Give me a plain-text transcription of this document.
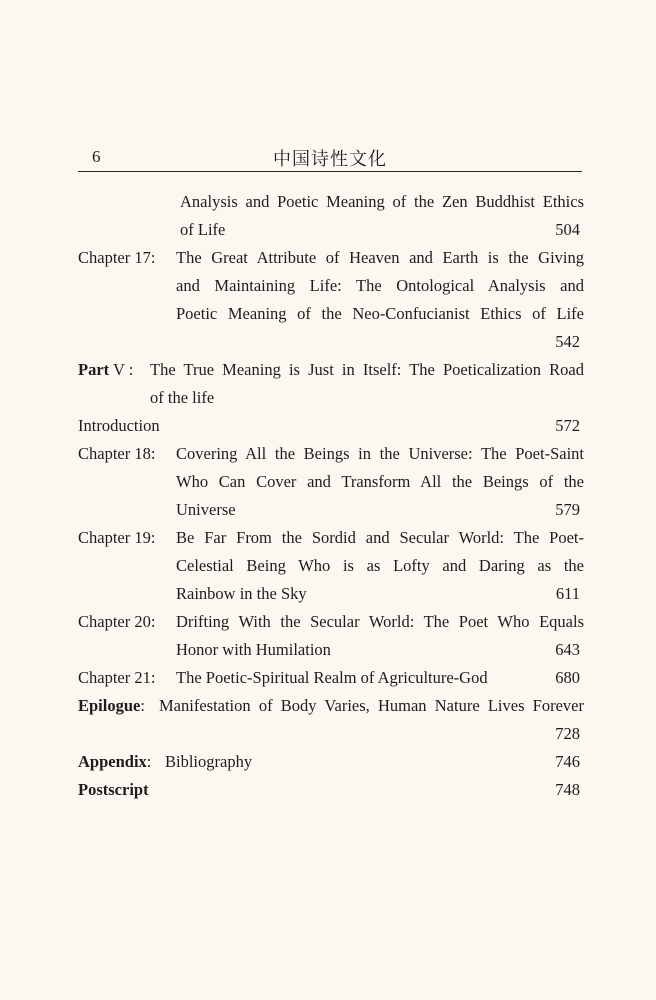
6	中国诗性文化
Analysis and Poetic Meaning of the Zen Buddhist Ethics
of Life	504
Chapter 17: The Great Attribute of Heaven and Earth is the Giving
and Maintaining Life: The Ontological Analysis and
Poetic Meaning of the Neo-Confucianist Ethics of Life
542
Part V : The True Meaning is Just in Itself: The Poeticalization Road
of the life
Introduction	572
Chapter 18: Covering All the Beings in the Universe: The Poet-Saint
Who Can Cover and Transform All the Beings of the
Universe	579
Chapter 19: Be Far From the Sordid and Secular World: The Poet-
Celestial Being Who is as Lofty and Daring as the
Rainbow in the Sky	611
Chapter 20: Drifting With the Secular World: The Poet Who Equals
Honor with Humilation	643
Chapter 21: The Poetic-Spiritual Realm of Agriculture-God	680
Epilogue: Manifestation of Body Varies, Human Nature Lives Forever
728
Appendix: Bibliography	746
Postscript	748
